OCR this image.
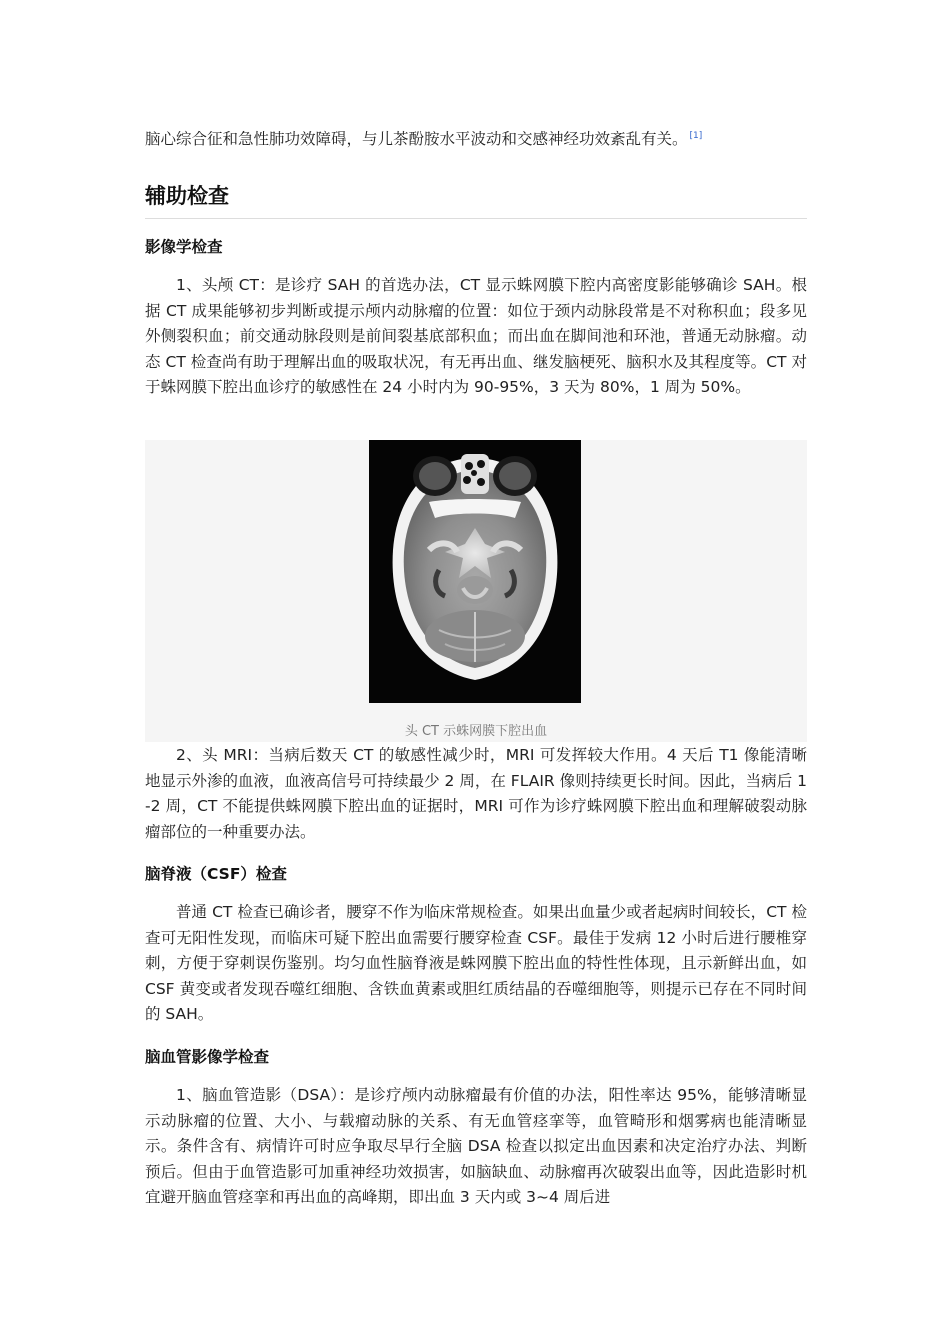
脑心综合征和急性肺功效障碍，与儿茶酚胺水平波动和交感神经功效紊乱有关。 [1]

辅助检查
影像学检查

1、头颅 CT：是诊疗 SAH 的首选办法，CT 显示蛛网膜下腔内高密度影能够确诊 SAH。根据 CT 成果能够初步判断或提示颅内动脉瘤的位置：如位于颈内动脉段常是不对称积血；段多见外侧裂积血；前交通动脉段则是前间裂基底部积血；而出血在脚间池和环池，普通无动脉瘤。动态 CT 检查尚有助于理解出血的吸取状况，有无再出血、继发脑梗死、脑积水及其程度等。CT 对于蛛网膜下腔出血诊疗的敏感性在 24 小时内为 90-95%，3 天为 80%，1 周为 50%。

头 CT 示蛛网膜下腔出血

2、头 MRI：当病后数天 CT 的敏感性减少时，MRI 可发挥较大作用。4 天后 T1 像能清晰地显示外渗的血液，血液高信号可持续最少 2 周，在 FLAIR 像则持续更长时间。因此，当病后 1-2 周，CT 不能提供蛛网膜下腔出血的证据时，MRI 可作为诊疗蛛网膜下腔出血和理解破裂动脉瘤部位的一种重要办法。

脑脊液（CSF）检查

普通 CT 检查已确诊者，腰穿不作为临床常规检查。如果出血量少或者起病时间较长，CT 检查可无阳性发现，而临床可疑下腔出血需要行腰穿检查 CSF。最佳于发病 12 小时后进行腰椎穿刺，方便于穿刺误伤鉴别。均匀血性脑脊液是蛛网膜下腔出血的特性性体现，且示新鲜出血，如 CSF 黄变或者发现吞噬红细胞、含铁血黄素或胆红质结晶的吞噬细胞等，则提示已存在不同时间的 SAH。

脑血管影像学检查

1、脑血管造影（DSA）：是诊疗颅内动脉瘤最有价值的办法，阳性率达 95%，能够清晰显示动脉瘤的位置、大小、与载瘤动脉的关系、有无血管痉挛等，血管畸形和烟雾病也能清晰显示。条件含有、病情许可时应争取尽早行全脑 DSA 检查以拟定出血因素和决定治疗办法、判断预后。但由于血管造影可加重神经功效损害，如脑缺血、动脉瘤再次破裂出血等，因此造影时机宜避开脑血管痉挛和再出血的高峰期，即出血 3 天内或 3~4 周后进
